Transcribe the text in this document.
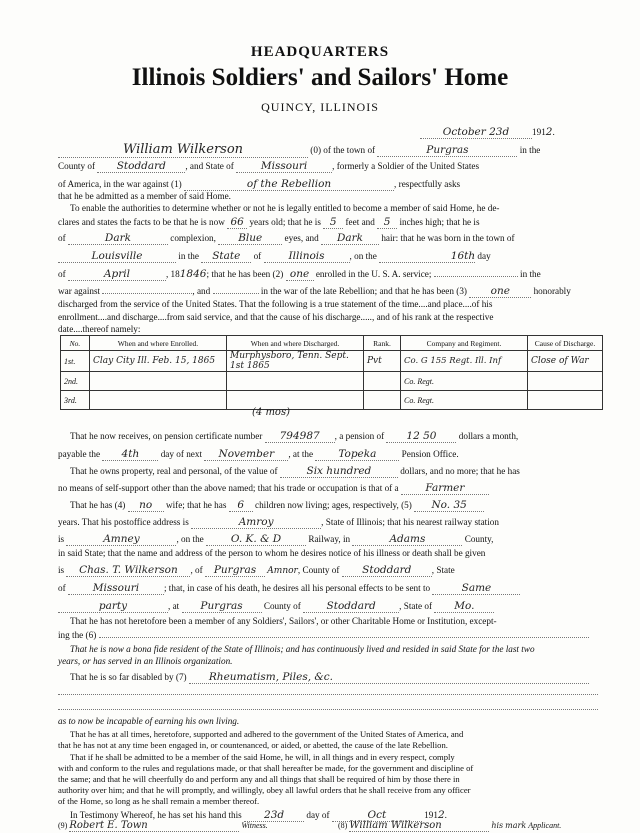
HEADQUARTERS
Illinois Soldiers' and Sailors' Home
QUINCY, ILLINOIS
October 23d 1912.
William Wilkerson	(0) of the town of	Purgras	in the
County of Stoddard , and State of	Missouri	, formerly a Soldier of the United States
of America, in the war against (1)	of the Rebellion	, respectfully asks
that he be admitted as a member of said Home.
To enable the authorities to determine whether or not he is legally entitled to become a member of said Home, he de-
clares and states the facts to be that he is now 66 years old; that he is 5 feet and 5 inches high; that he is
of	Dark	complexion, Blue eyes, and Dark hair: that he was born in the town of
Louisville	in the State of	Illinois	, on the	16th day
of	April	, 181846; that he has been (2) one enrolled in the U. S. A. service;	in the
war against	, and	in the war of the late Rebellion; and that he has been (3) one	honorably
discharged from the service of the United States. That the following is a true statement of the time....and place....of his
enrollment....and discharge....from said service, and that the cause of his discharge....., and of his rank at the respective
date....thereof namely:
No.	When and where Enrolled.	When and where Discharged.	Rank.	Company and Regiment.	Cause of Discharge.
1st.	Clay City Ill. Feb. 15, 1865	Murphysboro, Tenn. Sept. 1st 1865	Pvt	Co. G 155 Regt. Ill. Inf	Close of War
2nd.				Co. Regt.	
3rd.				Co. Regt.	
(4 mos)
That he now receives, on pension certificate number 794987 , a pension of 12 50 dollars a month,
payable the 4th day of next November , at the Topeka	Pension Office.
That he owns property, real and personal, of the value of	Six hundred	dollars, and no more; that he has
no means of self-support other than the above named; that his trade or occupation is that of a	Farmer
That he has (4) no wife; that he has 6 children now living; ages, respectively, (5) No. 35
years. That his postoffice address is	Amroy	, State of Illinois; that his nearest railway station
is	Amney	, on the	O. K. & D	Railway, in	Adams	County,
in said State; that the name and address of the person to whom he desires notice of his illness or death shall be given
is Chas. T. Wilkerson , of Purgras Amnor, County of Stoddard , State
of	Missouri	; that, in case of his death, he desires all his personal effects to be sent to	Same
party	, at Purgras County of Stoddard	, State of Mo.
That he has not heretofore been a member of any Soldiers', Sailors', or other Charitable Home or Institution, except-
ing the (6)
That he is now a bona fide resident of the State of Illinois; and has continuously lived and resided in said State for the last two
years, or has served in an Illinois organization.
That he is so far disabled by (7) Rheumatism, Piles, &c.
as to now be incapable of earning his own living.
That he has at all times, heretofore, supported and adhered to the government of the United States of America, and
that he has not at any time been engaged in, or countenanced, or aided, or abetted, the cause of the late Rebellion.
That if he shall be admitted to be a member of the said Home, he will, in all things and in every respect, comply
with and conform to the rules and regulations made, or that shall hereafter be made, for the government and discipline of
the same; and that he will cheerfully do and perform any and all things that shall be required of him by those there in
authority over him; and that he will promptly, and willingly, obey all lawful orders that he shall receive from any officer
of the Home, so long as he shall remain a member thereof.
In Testimony Whereof, he has set his hand this 23d day of	Oct	1912.
(9) Robert E. Town	Witness.	(8) William Wilkerson	his mark Applicant.
